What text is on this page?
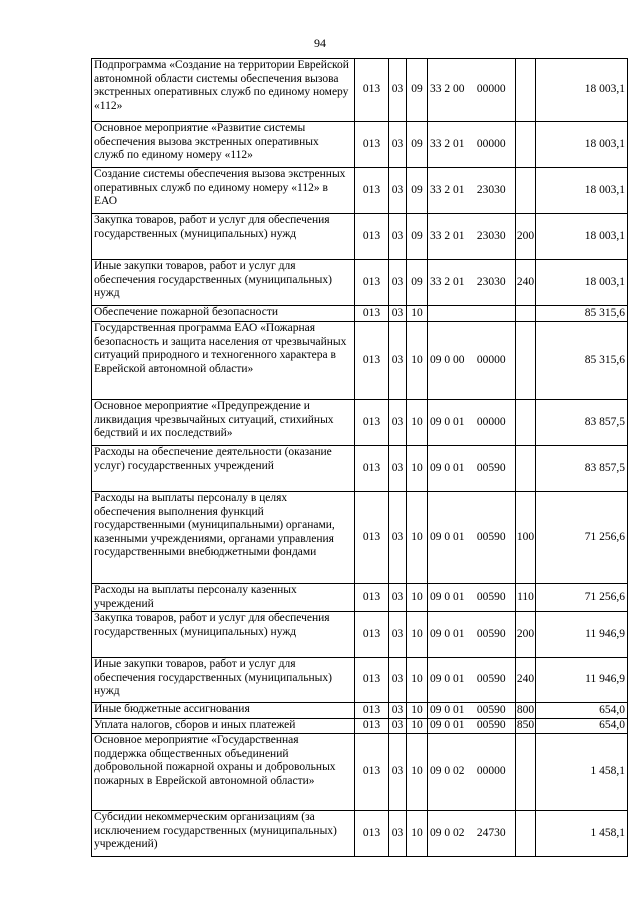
94
Подпрограмма «Создание на территории Еврейской автономной области системы обеспечения вызова экстренных оперативных служб по единому номеру «112»	013	03	09	33 2 00 00000		18 003,1
Основное мероприятие «Развитие системы обеспечения вызова экстренных оперативных служб по единому номеру «112»	013	03	09	33 2 01 00000		18 003,1
Создание системы обеспечения вызова экстренных оперативных служб по единому номеру «112» в ЕАО	013	03	09	33 2 01 23030		18 003,1
Закупка товаров, работ и услуг для обеспечения государственных (муниципальных) нужд	013	03	09	33 2 01 23030	200	18 003,1
Иные закупки товаров, работ и услуг для обеспечения государственных (муниципальных) нужд	013	03	09	33 2 01 23030	240	18 003,1
Обеспечение пожарной безопасности	013	03	10			85 315,6
Государственная программа ЕАО «Пожарная безопасность и защита населения от чрезвычайных ситуаций природного и техногенного характера в Еврейской автономной области»	013	03	10	09 0 00 00000		85 315,6
Основное мероприятие «Предупреждение и ликвидация чрезвычайных ситуаций, стихийных бедствий и их последствий»	013	03	10	09 0 01 00000		83 857,5
Расходы на обеспечение деятельности (оказание услуг) государственных учреждений	013	03	10	09 0 01 00590		83 857,5
Расходы на выплаты персоналу в целях обеспечения выполнения функций государственными (муниципальными) органами, казенными учреждениями, органами управления государственными внебюджетными фондами	013	03	10	09 0 01 00590	100	71 256,6
Расходы на выплаты персоналу казенных учреждений	013	03	10	09 0 01 00590	110	71 256,6
Закупка товаров, работ и услуг для обеспечения государственных (муниципальных) нужд	013	03	10	09 0 01 00590	200	11 946,9
Иные закупки товаров, работ и услуг для обеспечения государственных (муниципальных) нужд	013	03	10	09 0 01 00590	240	11 946,9
Иные бюджетные ассигнования	013	03	10	09 0 01 00590	800	654,0
Уплата налогов, сборов и иных платежей	013	03	10	09 0 01 00590	850	654,0
Основное мероприятие «Государственная поддержка общественных объединений добровольной пожарной охраны и добровольных пожарных в Еврейской автономной области»	013	03	10	09 0 02 00000		1 458,1
Субсидии некоммерческим организациям (за исключением государственных (муниципальных) учреждений)	013	03	10	09 0 02 24730		1 458,1
